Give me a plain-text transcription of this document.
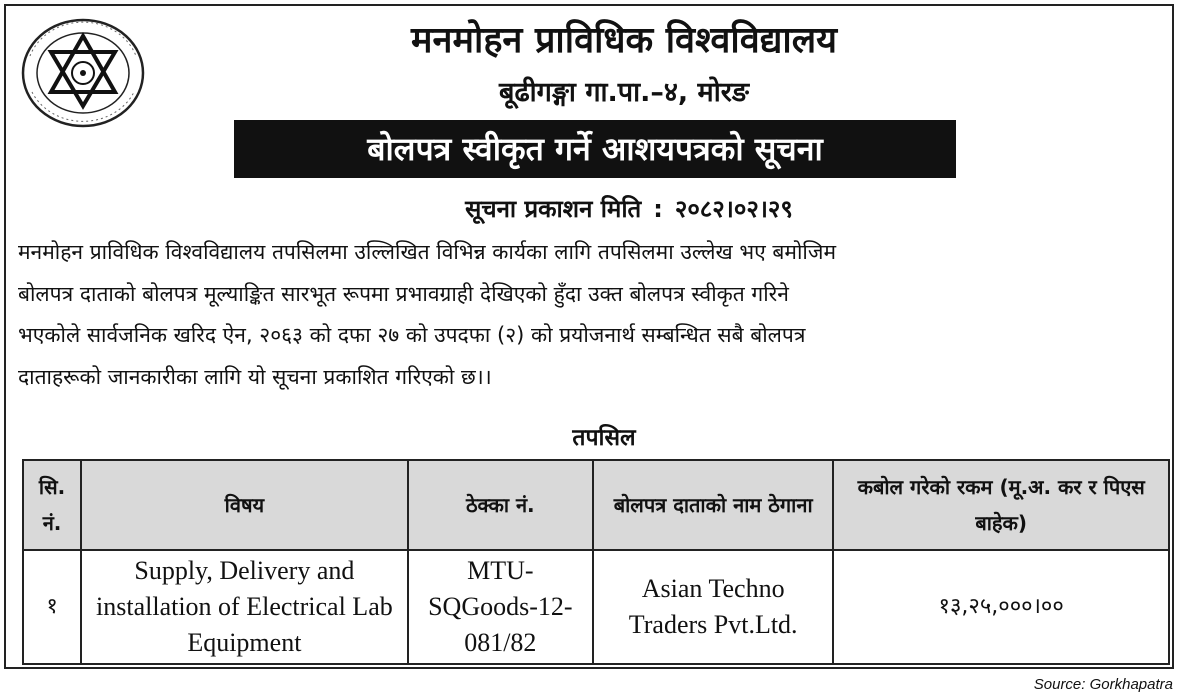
मनमोहन प्राविधिक विश्वविद्यालय
बूढीगङ्गा गा.पा.–४, मोरङ
बोलपत्र स्वीकृत गर्ने आशयपत्रको सूचना
सूचना प्रकाशन मिति : २०८२।०२।२९

मनमोहन प्राविधिक विश्वविद्यालय तपसिलमा उल्लिखित विभिन्न कार्यका लागि तपसिलमा उल्लेख भए बमोजिम

बोलपत्र दाताको बोलपत्र मूल्याङ्कित सारभूत रूपमा प्रभावग्राही देखिएको हुँदा उक्त बोलपत्र स्वीकृत गरिने

भएकोले सार्वजनिक खरिद ऐन, २०६३ को दफा २७ को उपदफा (२) को प्रयोजनार्थ सम्बन्धित सबै बोलपत्र

दाताहरूको जानकारीका लागि यो सूचना प्रकाशित गरिएको छ।।

तपसिल
सि. नं.	विषय	ठेक्का नं.	बोलपत्र दाताको नाम ठेगाना	कबोल गरेको रकम (मू.अ. कर र पिएस बाहेक)
१	Supply, Delivery and installation of Electrical Lab Equipment	MTU-SQGoods-12-081/82	Asian Techno Traders Pvt.Ltd.	१३,२५,०००।००
Source: Gorkhapatra
